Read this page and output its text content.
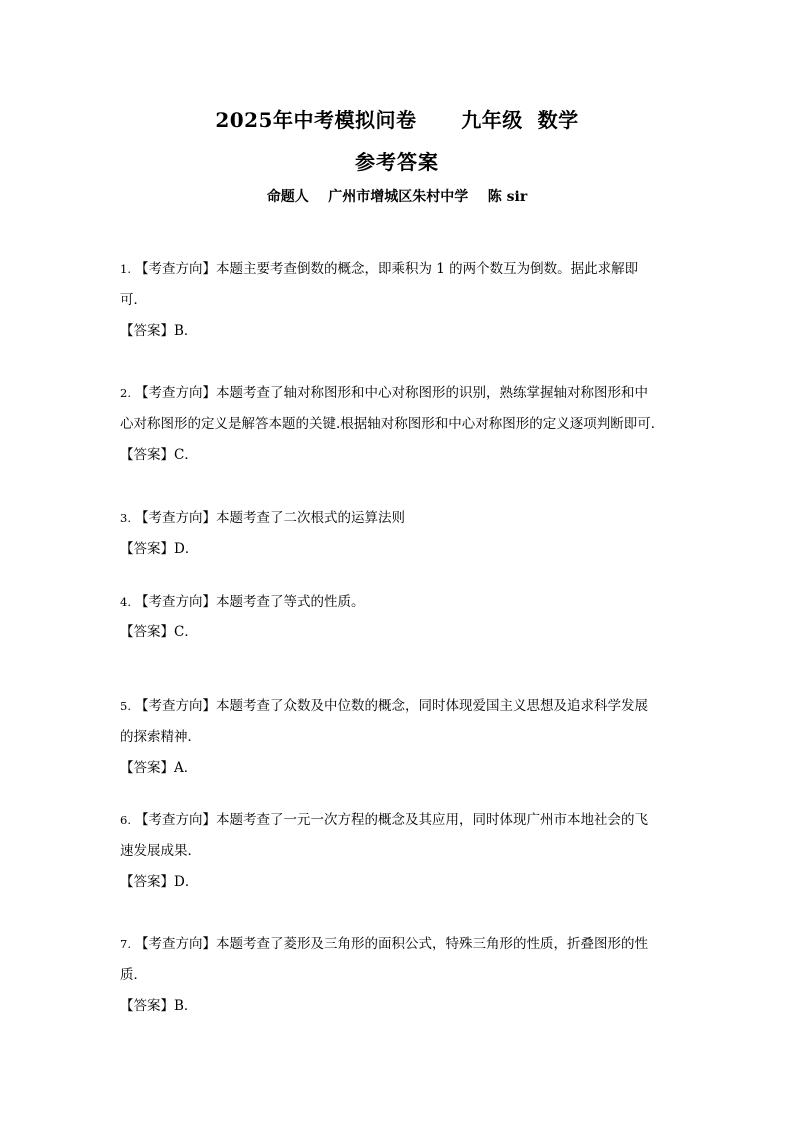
2025年中考模拟问卷      九年级  数学
参考答案
命题人    广州市增城区朱村中学    陈 sir
1. 【考查方向】本题主要考查倒数的概念，即乘积为 1 的两个数互为倒数。据此求解即
可．
【答案】B．
2. 【考查方向】本题考查了轴对称图形和中心对称图形的识别，熟练掌握轴对称图形和中
心对称图形的定义是解答本题的关键.根据轴对称图形和中心对称图形的定义逐项判断即可．
【答案】C．
3. 【考查方向】本题考查了二次根式的运算法则
【答案】D．
4. 【考查方向】本题考查了等式的性质。
【答案】C．
5. 【考查方向】本题考查了众数及中位数的概念，同时体现爱国主义思想及追求科学发展
的探索精神．
【答案】A．
6. 【考查方向】本题考查了一元一次方程的概念及其应用，同时体现广州市本地社会的飞
速发展成果．
【答案】D．
7. 【考查方向】本题考查了菱形及三角形的面积公式，特殊三角形的性质，折叠图形的性
质．
【答案】B．
